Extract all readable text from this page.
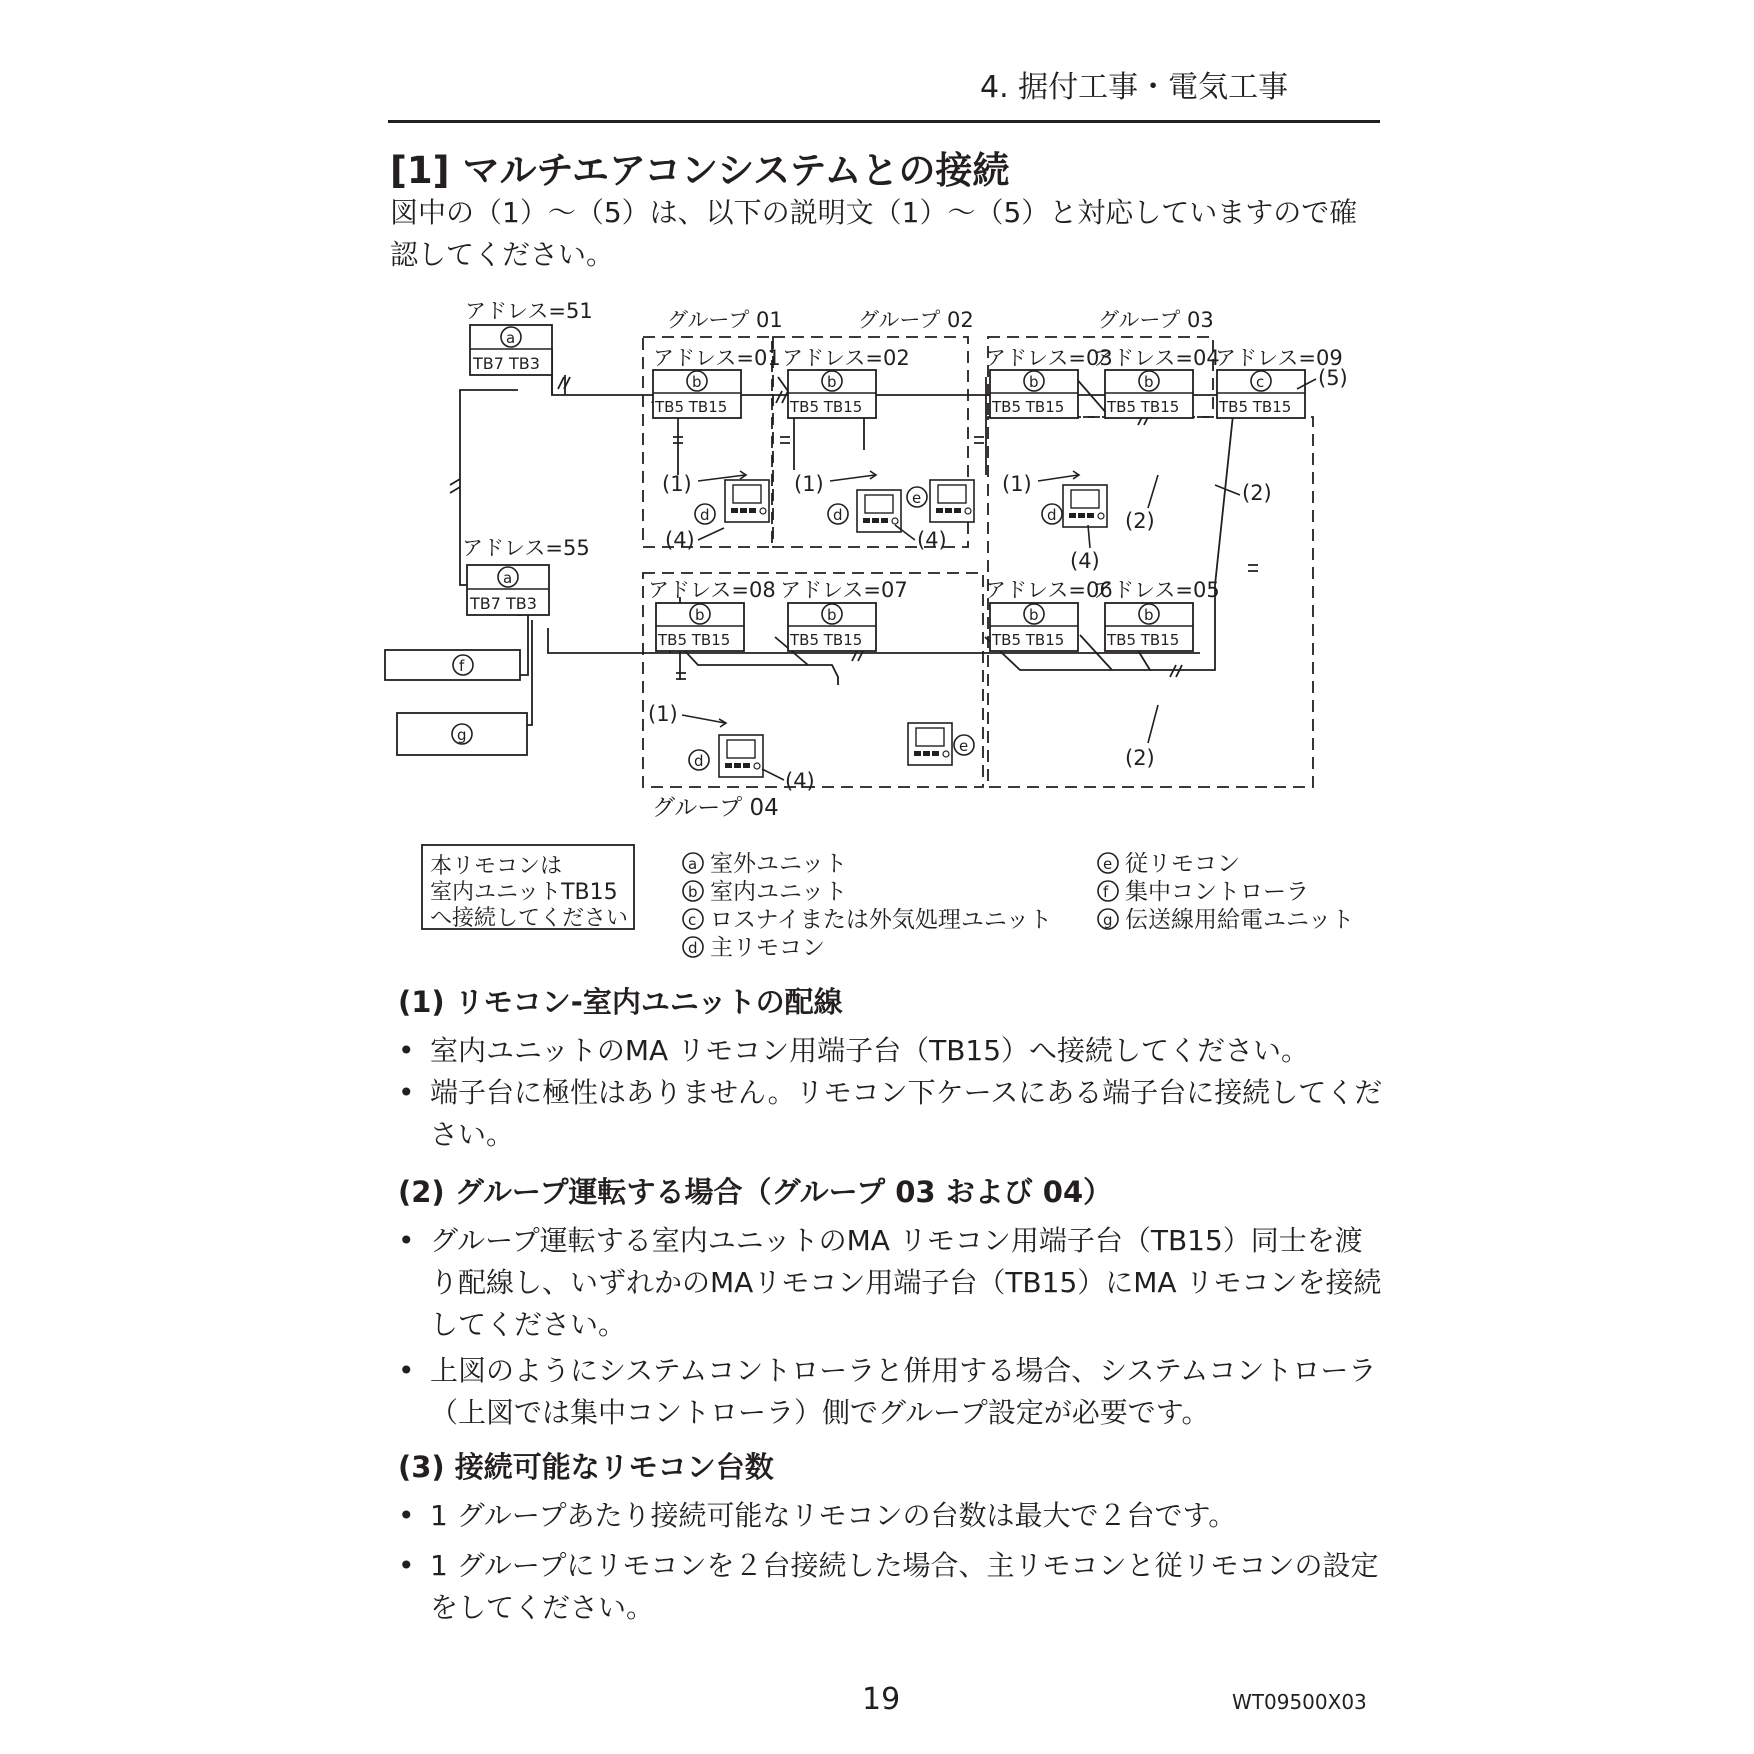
4. 据付工事・電気工事
[1] マルチエアコンシステムとの接続
図中の（1）～（5）は、以下の説明文（1）～（5）と対応していますので確認してください。
アドレス=51
a
TB7 TB3
アドレス=55
a
TB7 TB3
f
g
グループ 01	グループ 02	グループ 03
グループ 04
アドレス=01
b
TB5 TB15
アドレス=02
b
TB5 TB15
アドレス=03
b
TB5 TB15
アドレス=04
b
TB5 TB15
アドレス=09
c
TB5 TB15
アドレス=08
b
TB5 TB15
アドレス=07
b
TB5 TB15
アドレス=06
b
TB5 TB15
アドレス=05
b
TB5 TB15
d	d
e
d
d
e
(1)	(1)	(1)
(1)
(4)	(4)
(4)
(4)
(2)
(2)
(2)
(5)
本リモコンは
室内ユニットTB15
へ接続してください
a 室外ユニット
b 室内ユニット
c ロスナイまたは外気処理ユニット
d 主リモコン
e 従リモコン
f 集中コントローラ
g 伝送線用給電ユニット
(1) リモコン-室内ユニットの配線
• 室内ユニットのMA リモコン用端子台（TB15）へ接続してください。
• 端子台に極性はありません。リモコン下ケースにある端子台に接続してください。
(2) グループ運転する場合（グループ 03 および 04）
• グループ運転する室内ユニットのMA リモコン用端子台（TB15）同士を渡り配線し、いずれかのMAリモコン用端子台（TB15）にMA リモコンを接続してください。
• 上図のようにシステムコントローラと併用する場合、システムコントローラ（上図では集中コントローラ）側でグループ設定が必要です。
(3) 接続可能なリモコン台数
• 1 グループあたり接続可能なリモコンの台数は最大で２台です。
• 1 グループにリモコンを２台接続した場合、主リモコンと従リモコンの設定をしてください。
19	WT09500X03
